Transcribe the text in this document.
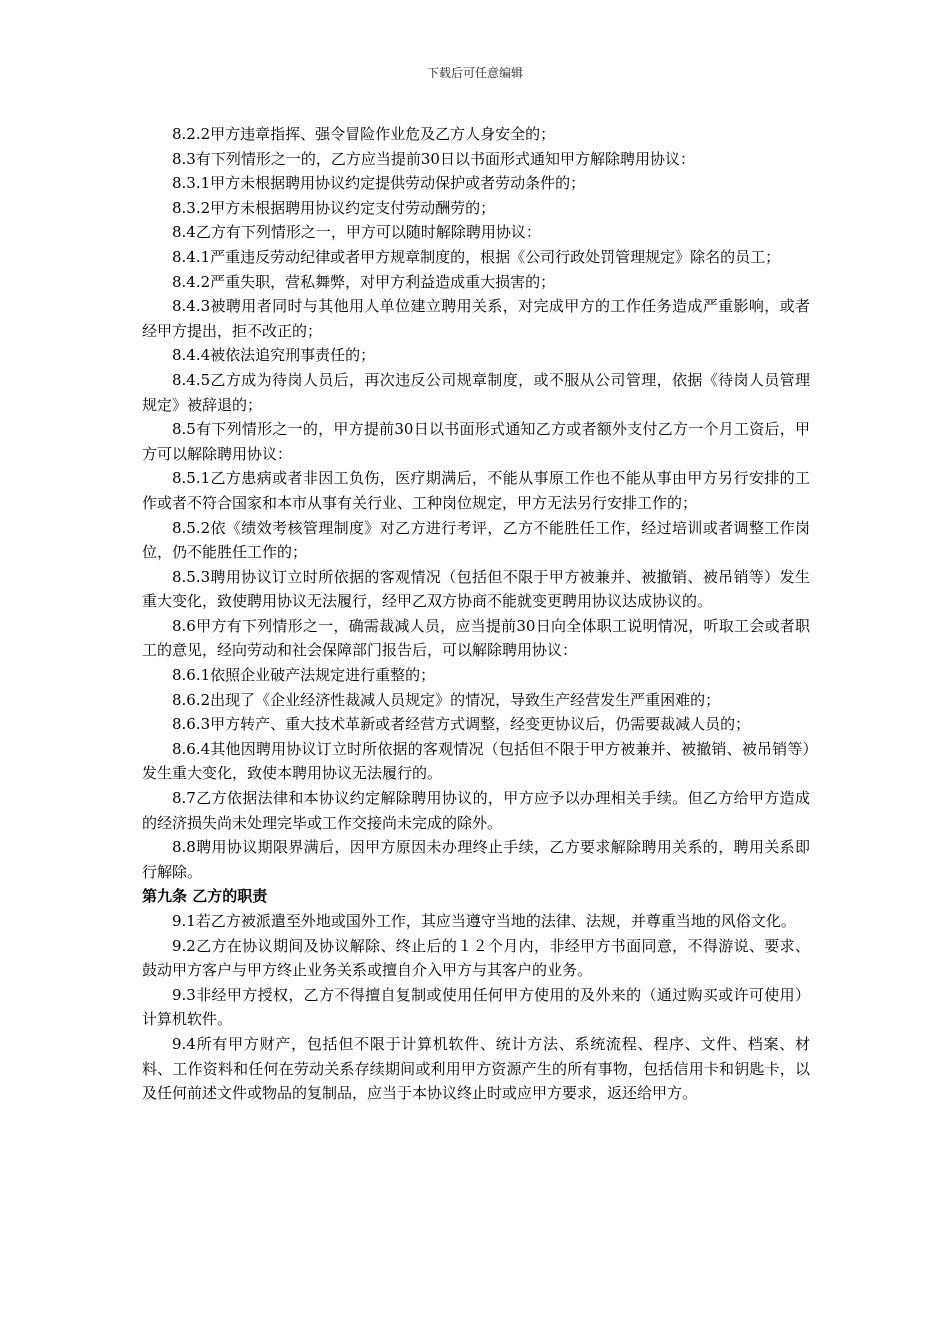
下载后可任意编辑

8.2.2甲方违章指挥、强令冒险作业危及乙方人身安全的；

8.3有下列情形之一的，乙方应当提前30日以书面形式通知甲方解除聘用协议：

8.3.1甲方未根据聘用协议约定提供劳动保护或者劳动条件的；

8.3.2甲方未根据聘用协议约定支付劳动酬劳的；

8.4乙方有下列情形之一，甲方可以随时解除聘用协议：

8.4.1严重违反劳动纪律或者甲方规章制度的，根据《公司行政处罚管理规定》除名的员工；

8.4.2严重失职，营私舞弊，对甲方利益造成重大损害的；

8.4.3被聘用者同时与其他用人单位建立聘用关系，对完成甲方的工作任务造成严重影响，或者经甲方提出，拒不改正的；

8.4.4被依法追究刑事责任的；

8.4.5乙方成为待岗人员后，再次违反公司规章制度，或不服从公司管理，依据《待岗人员管理规定》被辞退的；

8.5有下列情形之一的，甲方提前30日以书面形式通知乙方或者额外支付乙方一个月工资后，甲方可以解除聘用协议：

8.5.1乙方患病或者非因工负伤，医疗期满后，不能从事原工作也不能从事由甲方另行安排的工作或者不符合国家和本市从事有关行业、工种岗位规定，甲方无法另行安排工作的；

8.5.2依《绩效考核管理制度》对乙方进行考评，乙方不能胜任工作，经过培训或者调整工作岗位，仍不能胜任工作的；

8.5.3聘用协议订立时所依据的客观情况（包括但不限于甲方被兼并、被撤销、被吊销等）发生重大变化，致使聘用协议无法履行，经甲乙双方协商不能就变更聘用协议达成协议的。

8.6甲方有下列情形之一，确需裁减人员，应当提前30日向全体职工说明情况，听取工会或者职工的意见，经向劳动和社会保障部门报告后，可以解除聘用协议：

8.6.1依照企业破产法规定进行重整的；

8.6.2出现了《企业经济性裁减人员规定》的情况，导致生产经营发生严重困难的；

8.6.3甲方转产、重大技术革新或者经营方式调整，经变更协议后，仍需要裁减人员的；

8.6.4其他因聘用协议订立时所依据的客观情况（包括但不限于甲方被兼并、被撤销、被吊销等）发生重大变化，致使本聘用协议无法履行的。

8.7乙方依据法律和本协议约定解除聘用协议的，甲方应予以办理相关手续。但乙方给甲方造成的经济损失尚未处理完毕或工作交接尚未完成的除外。

8.8聘用协议期限界满后，因甲方原因未办理终止手续，乙方要求解除聘用关系的，聘用关系即行解除。

第九条 乙方的职责

9.1若乙方被派遣至外地或国外工作，其应当遵守当地的法律、法规，并尊重当地的风俗文化。

9.2乙方在协议期间及协议解除、终止后的１２个月内，非经甲方书面同意，不得游说、要求、鼓动甲方客户与甲方终止业务关系或擅自介入甲方与其客户的业务。

9.3非经甲方授权，乙方不得擅自复制或使用任何甲方使用的及外来的（通过购买或许可使用）计算机软件。

9.4所有甲方财产，包括但不限于计算机软件、统计方法、系统流程、程序、文件、档案、材料、工作资料和任何在劳动关系存续期间或利用甲方资源产生的所有事物，包括信用卡和钥匙卡，以及任何前述文件或物品的复制品，应当于本协议终止时或应甲方要求，返还给甲方。
